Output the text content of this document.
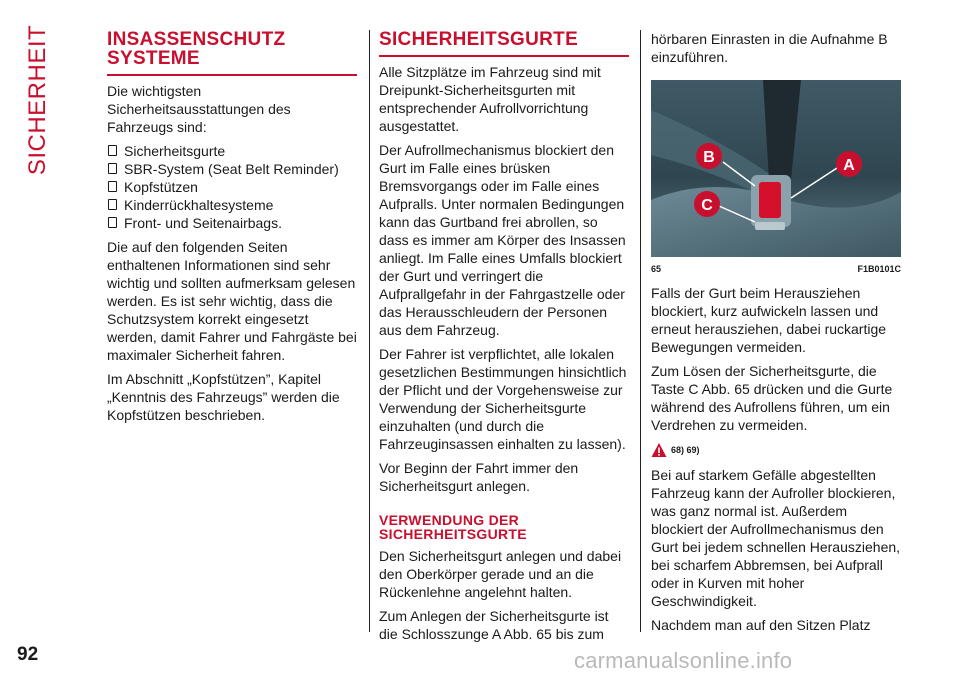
SICHERHEIT	INSASSENSCHUTZ
SYSTEME

Die wichtigsten Sicherheitsausstattungen des Fahrzeugs sind:

Sicherheitsgurte
SBR-System (Seat Belt Reminder)
Kopfstützen
Kinderrückhaltesysteme
Front- und Seitenairbags.

Die auf den folgenden Seiten enthaltenen Informationen sind sehr wichtig und sollten aufmerksam gelesen werden. Es ist sehr wichtig, dass die Schutzsystem korrekt eingesetzt werden, damit Fahrer und Fahrgäste bei maximaler Sicherheit fahren.

Im Abschnitt „Kopfstützen”, Kapitel „Kenntnis des Fahrzeugs” werden die Kopfstützen beschrieben.

SICHERHEITSGURTE

Alle Sitzplätze im Fahrzeug sind mit Dreipunkt-Sicherheitsgurten mit entsprechender Aufrollvorrichtung ausgestattet.

Der Aufrollmechanismus blockiert den Gurt im Falle eines brüsken Bremsvorgangs oder im Falle eines Aufpralls. Unter normalen Bedingungen kann das Gurtband frei abrollen, so dass es immer am Körper des Insassen anliegt. Im Falle eines Umfalls blockiert der Gurt und verringert die Aufprallgefahr in der Fahrgastzelle oder das Herausschleudern der Personen aus dem Fahrzeug.

Der Fahrer ist verpflichtet, alle lokalen gesetzlichen Bestimmungen hinsichtlich der Pflicht und der Vorgehensweise zur Verwendung der Sicherheitsgurte einzuhalten (und durch die Fahrzeuginsassen einhalten zu lassen).

Vor Beginn der Fahrt immer den Sicherheitsgurt anlegen.

VERWENDUNG DER
SICHERHEITSGURTE

Den Sicherheitsgurt anlegen und dabei den Oberkörper gerade und an die Rückenlehne angelehnt halten.

Zum Anlegen der Sicherheitsgurte ist die Schlosszunge A Abb. 65 bis zum

hörbaren Einrasten in die Aufnahme B einzuführen.

B	A
C
65	F1B0101C

Falls der Gurt beim Herausziehen blockiert, kurz aufwickeln lassen und erneut herausziehen, dabei ruckartige Bewegungen vermeiden.

Zum Lösen der Sicherheitsgurte, die Taste C Abb. 65 drücken und die Gurte während des Aufrollens führen, um ein Verdrehen zu vermeiden.

68) 69)

Bei auf starkem Gefälle abgestellten Fahrzeug kann der Aufroller blockieren, was ganz normal ist. Außerdem blockiert der Aufrollmechanismus den Gurt bei jedem schnellen Herausziehen, bei scharfem Abbremsen, bei Aufprall oder in Kurven mit hoher Geschwindigkeit.

Nachdem man auf den Sitzen Platz

92	carmanualsonline.info
